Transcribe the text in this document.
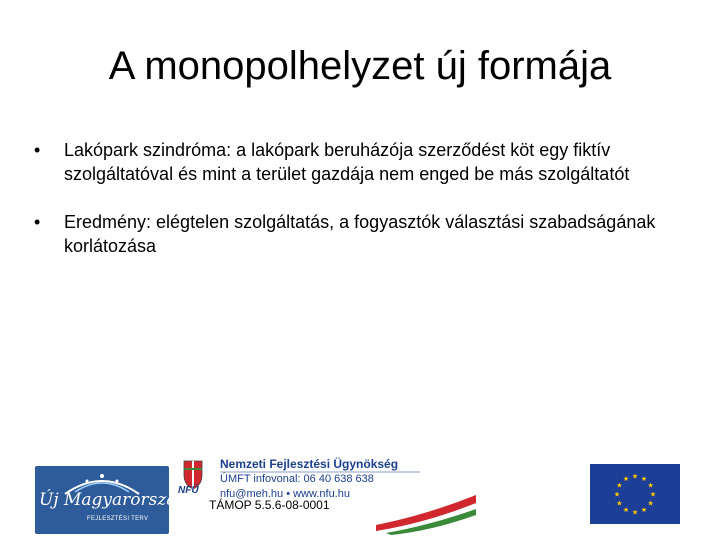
A monopolhelyzet új formája
•	Lakópark szindróma: a lakópark beruházója szerződést köt egy fiktív szolgáltatóval és mint a terület gazdája nem enged be más szolgáltatót
•	Eredmény: elégtelen szolgáltatás, a fogyasztók választási szabadságának korlátozása
Új Magyarország
FEJLESZTÉSI TERV
Nemzeti Fejlesztési Ügynökség
ÚMFT infovonal: 06 40 638 638
nfu@meh.hu • www.nfu.hu
NFÜ
TÁMOP 5.5.6-08-0001
★ ★
★
★
★
★
★
★
★
★
★
★
